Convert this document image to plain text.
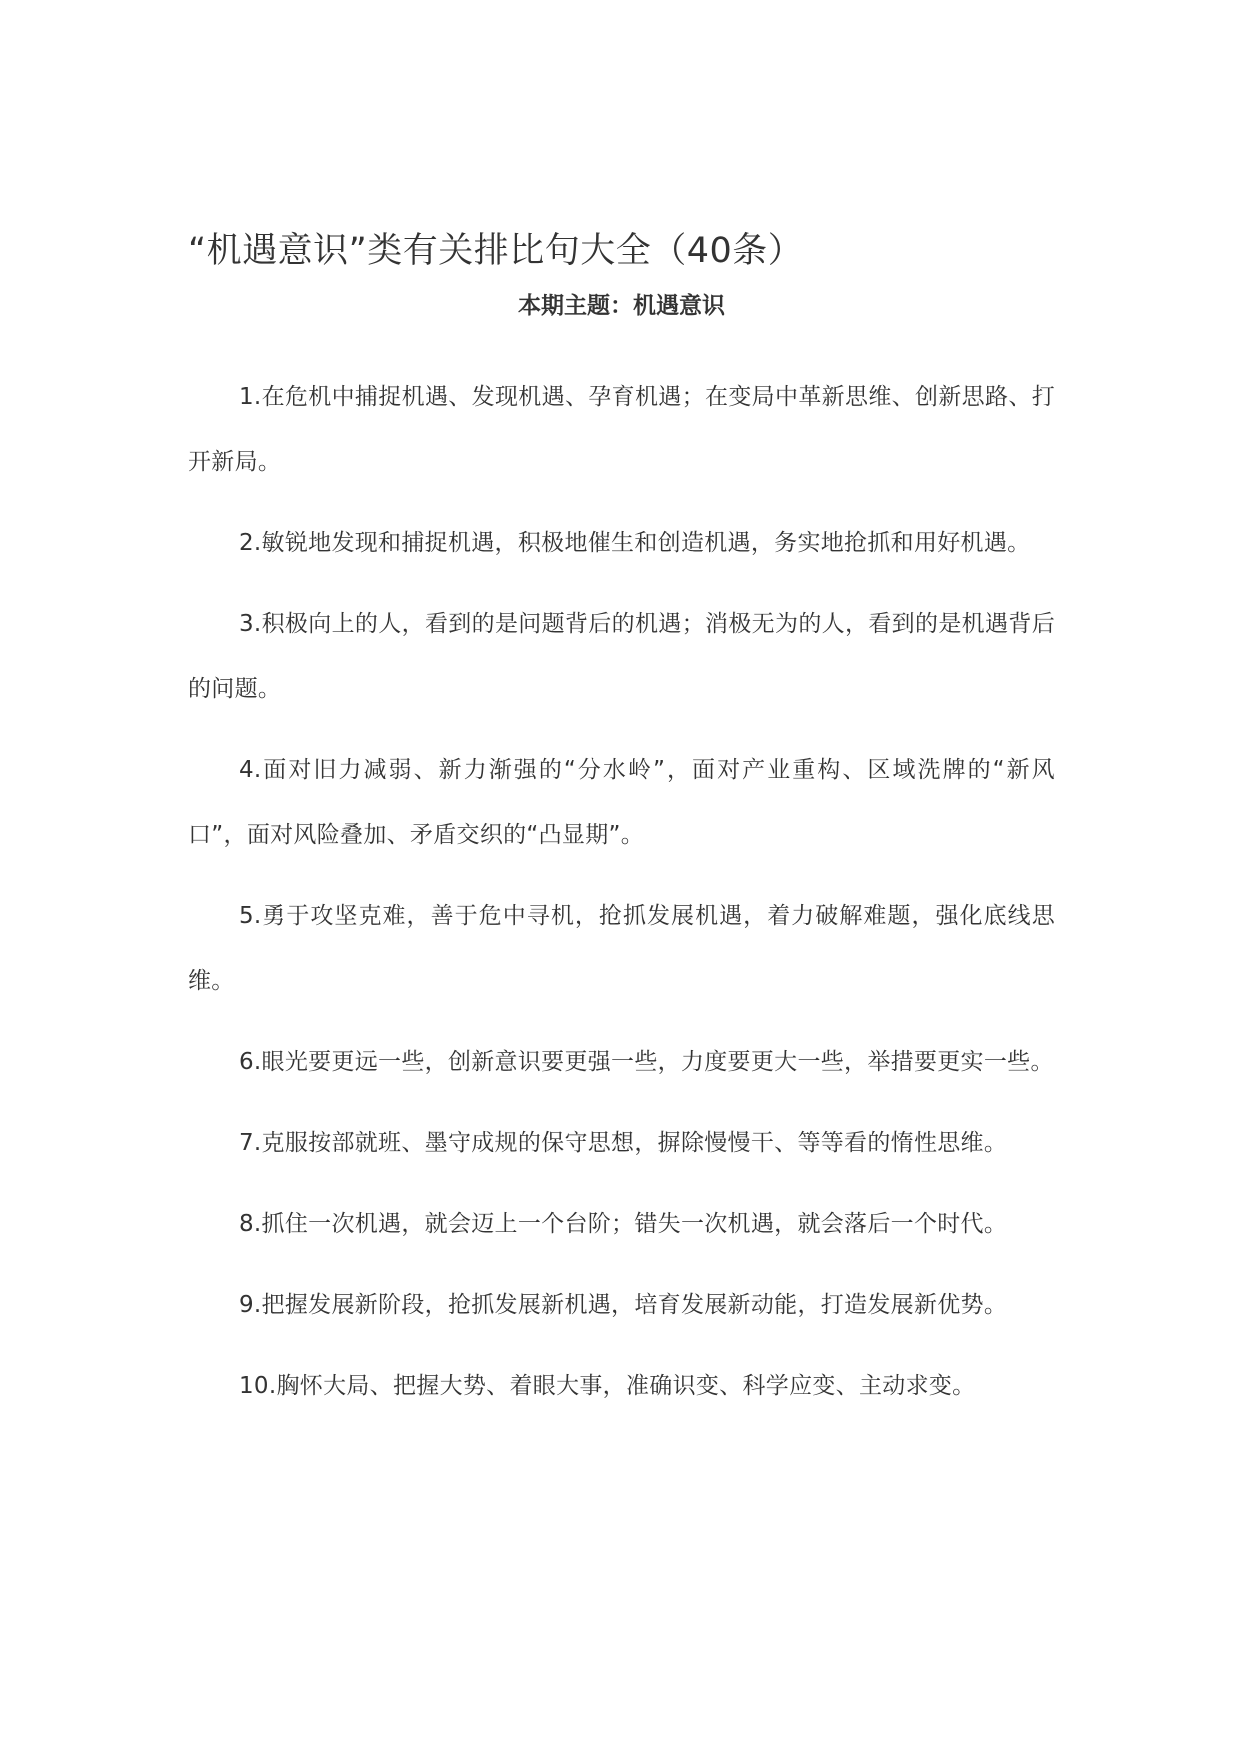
“机遇意识”类有关排比句大全（40条）
本期主题：机遇意识

1.在危机中捕捉机遇、发现机遇、孕育机遇；在变局中革新思维、创新思路、打开新局。

2.敏锐地发现和捕捉机遇，积极地催生和创造机遇，务实地抢抓和用好机遇。

3.积极向上的人，看到的是问题背后的机遇；消极无为的人，看到的是机遇背后的问题。

4.面对旧力减弱、新力渐强的“分水岭”，面对产业重构、区域洗牌的“新风口”，面对风险叠加、矛盾交织的“凸显期”。

5.勇于攻坚克难，善于危中寻机，抢抓发展机遇，着力破解难题，强化底线思维。

6.眼光要更远一些，创新意识要更强一些，力度要更大一些，举措要更实一些。

7.克服按部就班、墨守成规的保守思想，摒除慢慢干、等等看的惰性思维。

8.抓住一次机遇，就会迈上一个台阶；错失一次机遇，就会落后一个时代。

9.把握发展新阶段，抢抓发展新机遇，培育发展新动能，打造发展新优势。

10.胸怀大局、把握大势、着眼大事，准确识变、科学应变、主动求变。
